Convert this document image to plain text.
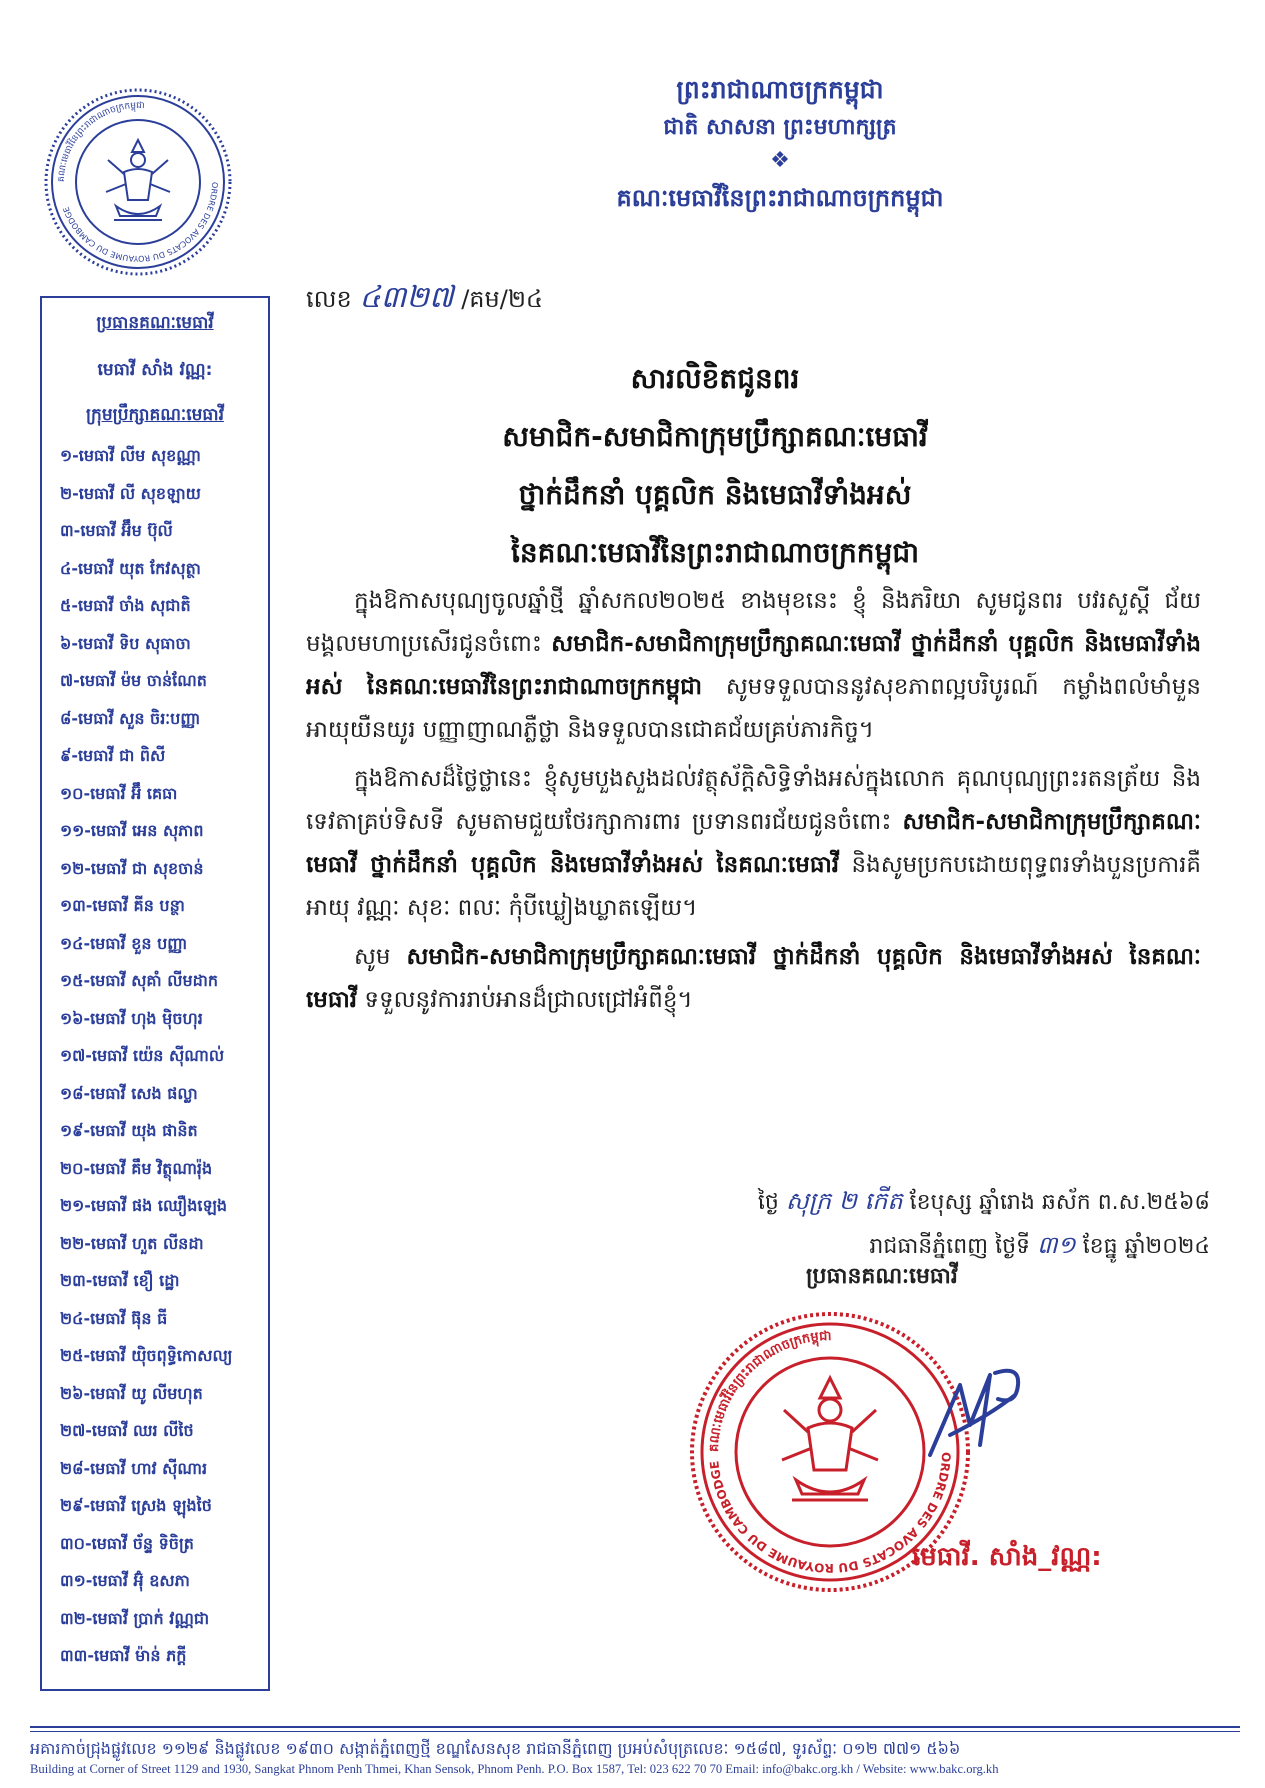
ព្រះរាជាណាចក្រកម្ពុជា
ជាតិ សាសនា ព្រះមហាក្សត្រ
❖
គណៈមេធាវីនៃព្រះរាជាណាចក្រកម្ពុជា
គណៈមេធាវីនៃព្រះរាជាណាចក្រកម្ពុជា
ORDRE DES AVOCATS DU ROYAUME DU CAMBODGE
ប្រធានគណៈមេធាវី
មេធាវី សាំង វណ្ណ:
ក្រុមប្រឹក្សាគណៈមេធាវី
១-មេធាវី លីម សុខណ្ណា
២-មេធាវី លី សុខឡាយ
៣-មេធាវី អ៊ឹម ប៊ុលី
៤-មេធាវី យុត កែវសុត្ថា
៥-មេធាវី ចាំង សុជាតិ
៦-មេធាវី ទិប សុធាចា
៧-មេធាវី ម៉ម ចាន់ណែត
៨-មេធាវី សួន ចិរៈបញ្ញា
៩-មេធាវី ជា ពិសី
១០-មេធាវី អ៊ឹ គេធា
១១-មេធាវី អេន សុភាព
១២-មេធាវី ជា សុខចាន់
១៣-មេធាវី គីន បន្ថា
១៤-មេធាវី ខួន បញ្ញា
១៥-មេធាវី សុគាំ លីមដាក
១៦-មេធាវី ហុង ម៉ិចហុរ
១៧-មេធាវី យ៉េន ស៊ីណាល់
១៨-មេធាវី សេង ផល្លា
១៩-មេធាវី យុង ផានិត
២០-មេធាវី គឹម វិត្ថុណារ៉ុង
២១-មេធាវី ផង ឈឿងឡេង
២២-មេធាវី ហួត លីនដា
២៣-មេធាវី ខឿ ដ្ឋោ
២៤-មេធាវី ផ៊ុន ធី
២៥-មេធាវី យ៉ិចពុទ្ធិកោសល្យ
២៦-មេធាវី យូ លីមហុត
២៧-មេធាវី ឈរ លីថៃ
២៨-មេធាវី ហាវ ស៊ីណារ
២៩-មេធាវី ស្រេង ឡុងថៃ
៣០-មេធាវី ច័ន្ទ ទិចិត្រ
៣១-មេធាវី អ៊ុំ ឧសភា
៣២-មេធាវី ប្រាក់ វណ្ណជា
៣៣-មេធាវី ម៉ាន់ ភក្តី
លេខ ៤៣២៧ /គម/២៤
សារលិខិតជូនពរ
សមាជិក-សមាជិកាក្រុមប្រឹក្សាគណៈមេធាវី
ថ្នាក់ដឹកនាំ បុគ្គលិក និងមេធាវីទាំងអស់
នៃគណៈមេធាវីនៃព្រះរាជាណាចក្រកម្ពុជា

ក្នុងឱកាសបុណ្យចូលឆ្នាំថ្មី ឆ្នាំសកល២០២៥ ខាងមុខនេះ ខ្ញុំ និងភរិយា សូមជូនពរ បវរសួស្តី ជ័យមង្គលមហាប្រសើរជូនចំពោះ សមាជិក-សមាជិកាក្រុមប្រឹក្សាគណៈមេធាវី ថ្នាក់ដឹកនាំ បុគ្គលិក និងមេធាវីទាំងអស់ នៃគណៈមេធាវីនៃព្រះរាជាណាចក្រកម្ពុជា សូមទទួលបាននូវសុខភាពល្អបរិបូរណ៍ កម្លាំងពលំមាំមួន អាយុយឺនយូរ បញ្ញាញាណភ្លឺថ្លា និងទទួលបានជោគជ័យគ្រប់ភារកិច្ច។

ក្នុងឱកាសដ៏ថ្លៃថ្លានេះ ខ្ញុំសូមបួងសួងដល់វត្ថុស័ក្តិសិទ្ធិទាំងអស់ក្នុងលោក គុណបុណ្យព្រះរតនត្រ័យ និងទេវតាគ្រប់ទិសទី សូមតាមជួយថែរក្សាការពារ ប្រទានពរជ័យជូនចំពោះ សមាជិក-សមាជិកាក្រុមប្រឹក្សាគណៈមេធាវី ថ្នាក់ដឹកនាំ បុគ្គលិក និងមេធាវីទាំងអស់ នៃគណៈមេធាវី និងសូមប្រកបដោយពុទ្ធពរទាំងបួនប្រការគឺ អាយុ វណ្ណៈ សុខៈ ពលៈ កុំបីឃ្លៀងឃ្លាតឡើយ។

សូម សមាជិក-សមាជិកាក្រុមប្រឹក្សាគណៈមេធាវី ថ្នាក់ដឹកនាំ បុគ្គលិក និងមេធាវីទាំងអស់ នៃគណៈមេធាវី ទទួលនូវការរាប់អានដ៏ជ្រាលជ្រៅអំពីខ្ញុំ។

ថ្ងៃ សុក្រ ២ កើត ខែបុស្ស ឆ្នាំរោង ឆស័ក ព.ស.២៥៦៨
រាជធានីភ្នំពេញ ថ្ងៃទី ៣១ ខែធ្នូ ឆ្នាំ២០២៤
ប្រធានគណៈមេធាវី
គណៈមេធាវីនៃព្រះរាជាណាចក្រកម្ពុជា
ORDRE DES AVOCATS DU ROYAUME DU CAMBODGE
មេធាវី. សាំង_វណ្ណ:
អគារកាច់ជ្រុងផ្លូវលេខ ១១២៩ និងផ្លូវលេខ ១៩៣០ សង្កាត់ភ្នំពេញថ្មី ខណ្ឌសែនសុខ រាជធានីភ្នំពេញ ប្រអប់សំបុត្រលេខៈ ១៥៨៧, ទូរស័ព្ទៈ ០១២ ៧៧១ ៥៦៦
Building at Corner of Street 1129 and 1930, Sangkat Phnom Penh Thmei, Khan Sensok, Phnom Penh. P.O. Box 1587, Tel: 023 622 70 70 Email: info@bakc.org.kh / Website: www.bakc.org.kh
